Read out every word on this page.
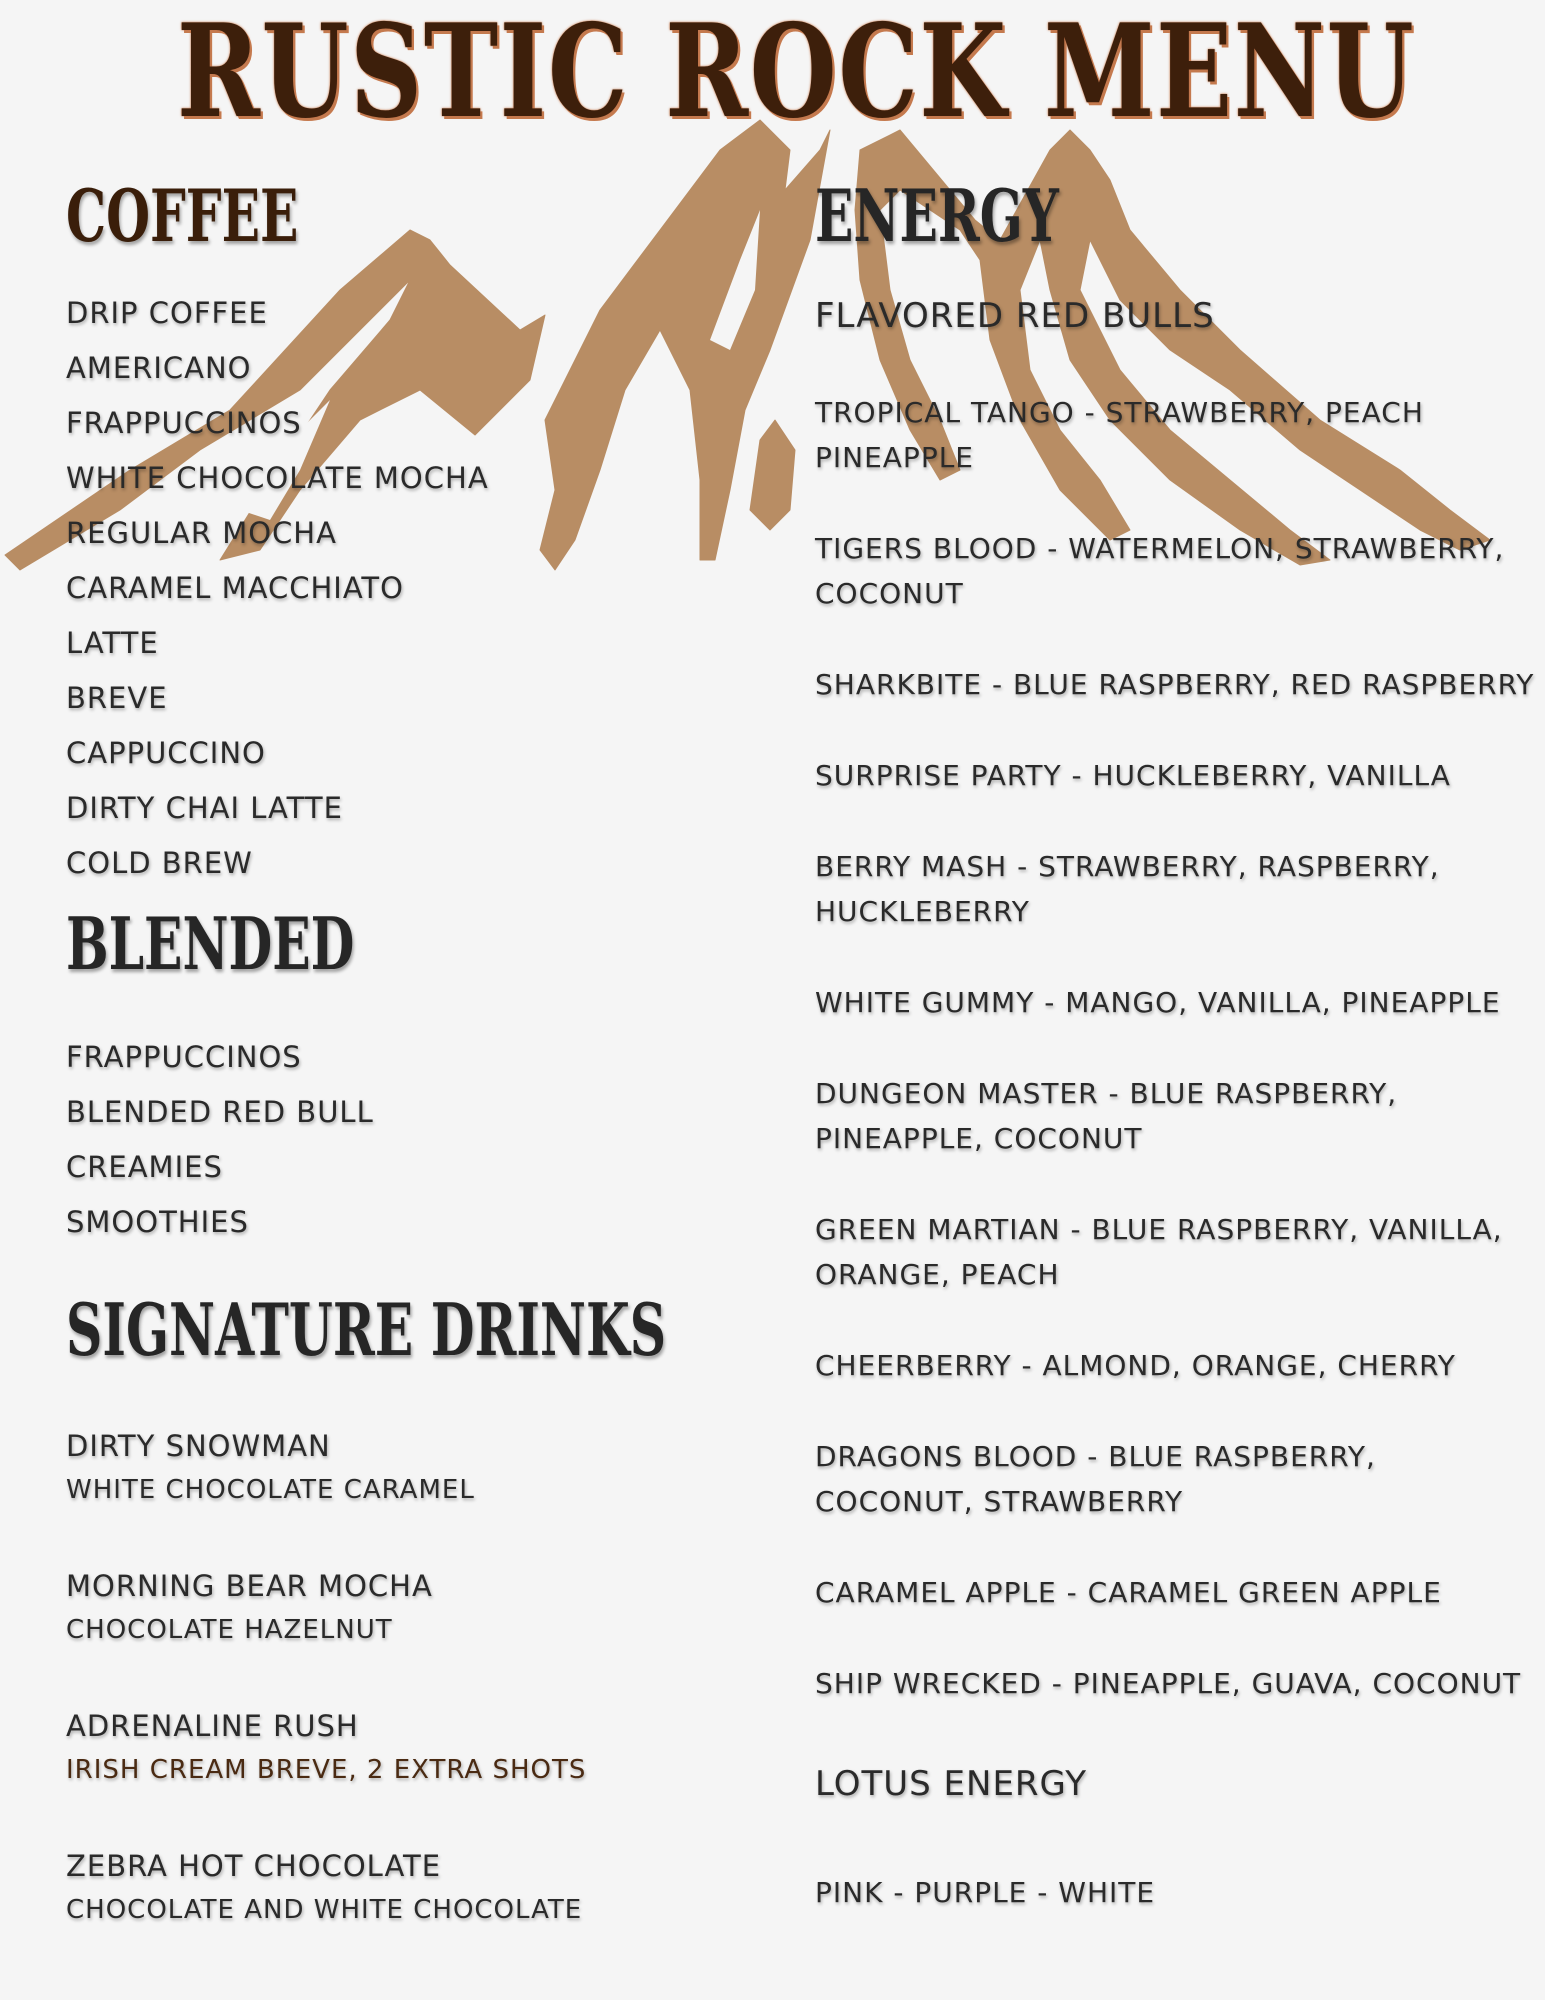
RUSTIC ROCK MENU
COFFEE
DRIP COFFEE
AMERICANO
FRAPPUCCINOS
WHITE CHOCOLATE MOCHA
REGULAR MOCHA
CARAMEL MACCHIATO
LATTE
BREVE
CAPPUCCINO
DIRTY CHAI LATTE
COLD BREW
BLENDED
FRAPPUCCINOS
BLENDED RED BULL
CREAMIES
SMOOTHIES
SIGNATURE DRINKS
DIRTY SNOWMAN
WHITE CHOCOLATE CARAMEL
MORNING BEAR MOCHA
CHOCOLATE HAZELNUT
ADRENALINE RUSH
IRISH CREAM BREVE, 2 EXTRA SHOTS
ZEBRA HOT CHOCOLATE
CHOCOLATE AND WHITE CHOCOLATE
ENERGY
FLAVORED RED BULLS
TROPICAL TANGO - STRAWBERRY, PEACH PINEAPPLE
TIGERS BLOOD - WATERMELON, STRAWBERRY, COCONUT
SHARKBITE - BLUE RASPBERRY, RED RASPBERRY
SURPRISE PARTY - HUCKLEBERRY, VANILLA
BERRY MASH - STRAWBERRY, RASPBERRY, HUCKLEBERRY
WHITE GUMMY - MANGO, VANILLA, PINEAPPLE
DUNGEON MASTER - BLUE RASPBERRY, PINEAPPLE, COCONUT
GREEN MARTIAN - BLUE RASPBERRY, VANILLA, ORANGE, PEACH
CHEERBERRY - ALMOND, ORANGE, CHERRY
DRAGONS BLOOD - BLUE RASPBERRY, COCONUT, STRAWBERRY
CARAMEL APPLE - CARAMEL GREEN APPLE
SHIP WRECKED - PINEAPPLE, GUAVA, COCONUT
LOTUS ENERGY
PINK - PURPLE - WHITE
